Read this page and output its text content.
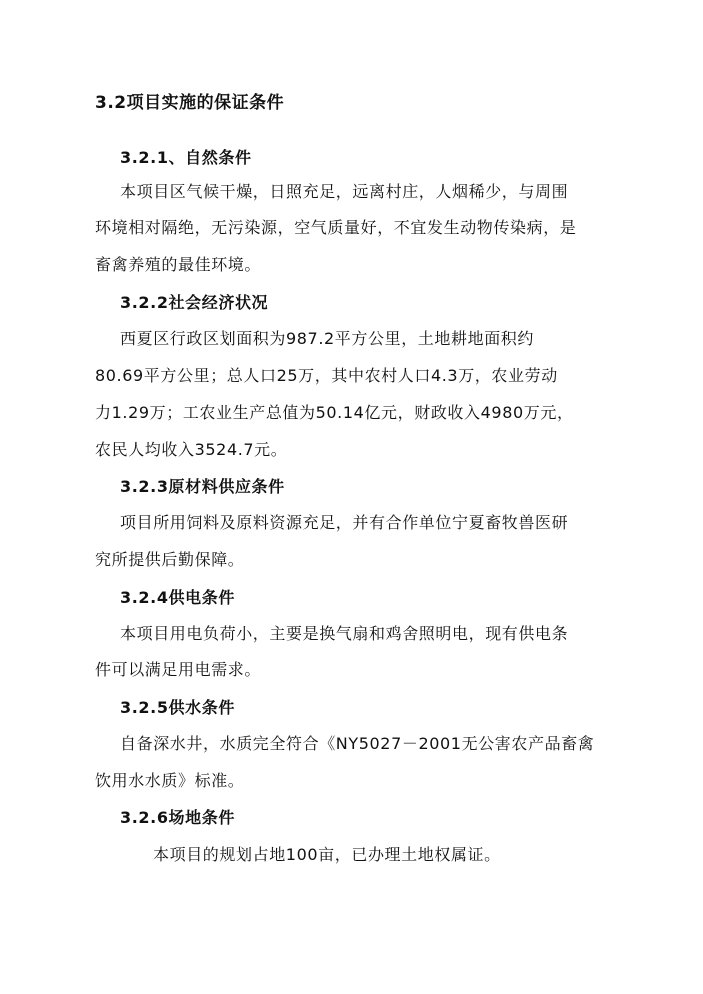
3.2项目实施的保证条件
3.2.1、自然条件
本项目区气候干燥，日照充足，远离村庄，人烟稀少，与周围
环境相对隔绝，无污染源，空气质量好，不宜发生动物传染病，是
畜禽养殖的最佳环境。
3.2.2社会经济状况
西夏区行政区划面积为987.2平方公里，土地耕地面积约
80.69平方公里；总人口25万，其中农村人口4.3万，农业劳动
力1.29万；工农业生产总值为50.14亿元，财政收入4980万元，
农民人均收入3524.7元。
3.2.3原材料供应条件
项目所用饲料及原料资源充足，并有合作单位宁夏畜牧兽医研
究所提供后勤保障。
3.2.4供电条件
本项目用电负荷小，主要是换气扇和鸡舍照明电，现有供电条
件可以满足用电需求。
3.2.5供水条件
自备深水井，水质完全符合《NY5027－2001无公害农产品畜禽
饮用水水质》标准。
3.2.6场地条件
本项目的规划占地100亩，已办理土地权属证。
